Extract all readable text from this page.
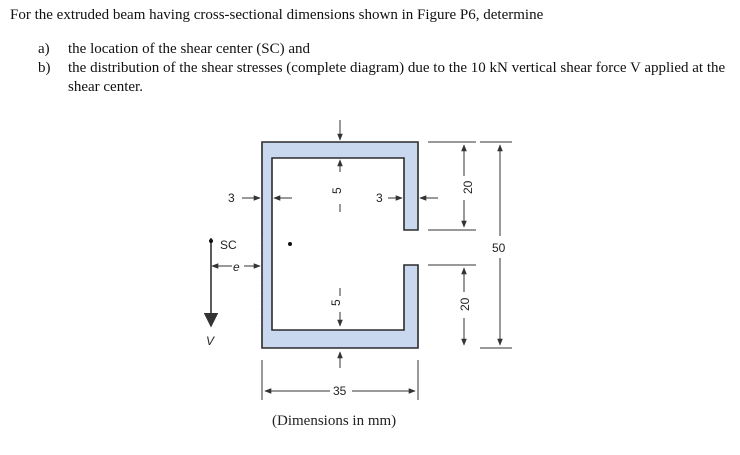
For the extruded beam having cross-sectional dimensions shown in Figure P6, determine

a)	the location of the shear center (SC) and
b)	the distribution of the shear stresses (complete diagram) due to the 10 kN vertical shear force V applied at the shear center.
3
5
3
20
50
5	20
SC
e
V
35
(Dimensions in mm)
